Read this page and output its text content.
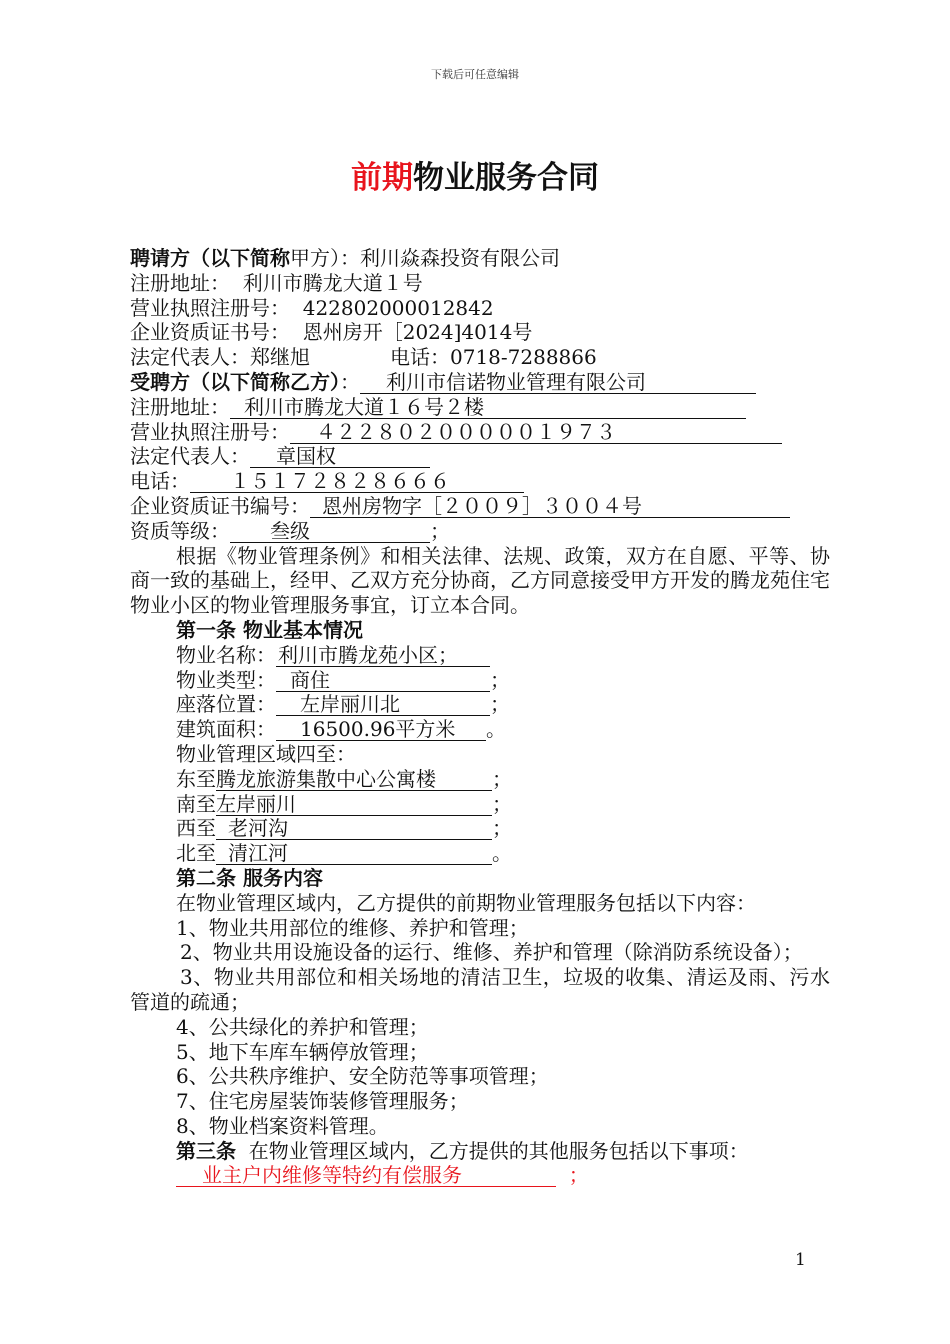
下载后可任意编辑
前期物业服务合同
聘请方（以下简称甲方）：利川焱森投资有限公司
注册地址： 利川市腾龙大道１号
营业执照注册号： 422802000012842
企业资质证书号： 恩州房开［2024]4014号
法定代表人：郑继旭	电话：0718-7288866
受聘方（以下简称乙方）： 利川市信诺物业管理有限公司
注册地址： 利川市腾龙大道１６号２楼
营业执照注册号： ４２２８０２０００００１９７３
法定代表人： 章国权
电话： １５１７２８２８６６６
企业资质证书编号： 恩州房物字［２００９］３００４号
资质等级： 叁级	；
根据《物业管理条例》和相关法律、法规、政策，双方在自愿、平等、协商一致的基础上，经甲、乙双方充分协商，乙方同意接受甲方开发的腾龙苑住宅物业小区的物业管理服务事宜，订立本合同。
第一条 物业基本情况
物业名称： 利川市腾龙苑小区；
物业类型： 商住	；
座落位置： 左岸丽川北	；
建筑面积： 16500.96平方米 。
物业管理区域四至：
东至腾龙旅游集散中心公寓楼	；
南至左岸丽川	；
西至 老河沟	；
北至 清江河	。
第二条 服务内容
在物业管理区域内，乙方提供的前期物业管理服务包括以下内容：
1、物业共用部位的维修、养护和管理；
2、物业共用设施设备的运行、维修、养护和管理（除消防系统设备）；
3、物业共用部位和相关场地的清洁卫生，垃圾的收集、清运及雨、污水管道的疏通；
4、公共绿化的养护和管理；
5、地下车库车辆停放管理；
6、公共秩序维护、安全防范等事项管理；
7、住宅房屋装饰装修管理服务；
8、物业档案资料管理。
第三条 在物业管理区域内，乙方提供的其他服务包括以下事项：
业主户内维修等特约有偿服务	；
1
